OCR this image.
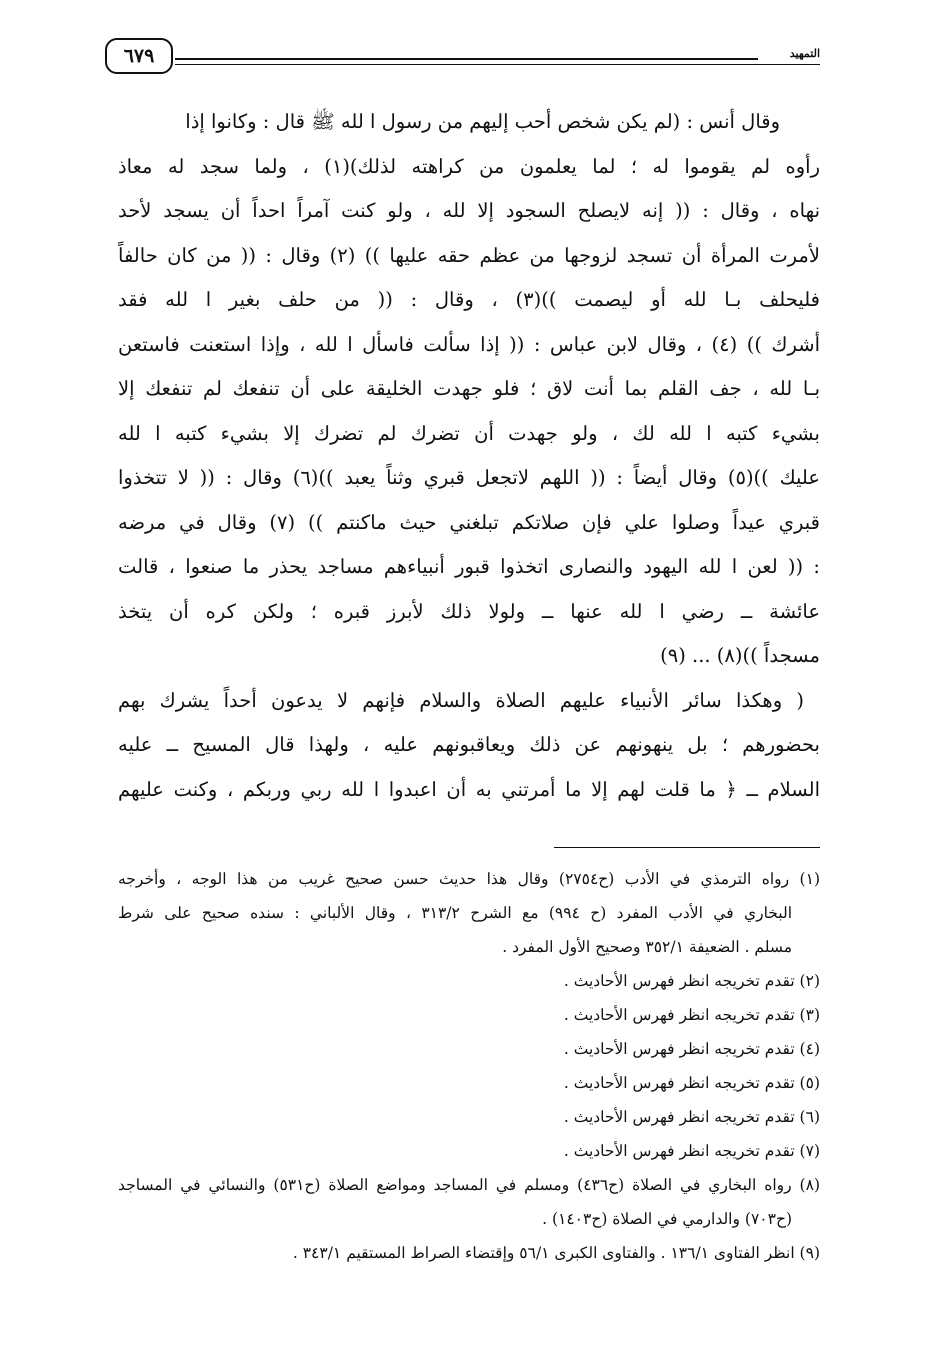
٦٧٩	التمهيد
وقال أنس : (لم يكن شخص أحب إليهم من رسول ا لله ﷺ قال : وكانوا إذا
رأوه لم يقوموا له ؛ لما يعلمون من كراهته لذلك)(١) ، ولما سجد له معاذ
نهاه ، وقال : (( إنه لايصلح السجود إلا لله ، ولو كنت آمراً احداً أن يسجد لأحد
لأمرت المرأة أن تسجد لزوجها من عظم حقه عليها )) (٢) وقال : (( من كان حالفاً
فليحلف بـا لله أو ليصمت ))(٣) ، وقال : (( من حلف بغير ا لله فقد
أشرك )) (٤) ، وقال لابن عباس : (( إذا سألت فاسأل ا لله ، وإذا استعنت فاستعن
بـا لله ، جف القلم بما أنت لاق ؛ فلو جهدت الخليقة على أن تنفعك لم تنفعك إلا
بشيء كتبه ا لله لك ، ولو جهدت أن تضرك لم تضرك إلا بشيء كتبه ا لله
عليك ))(٥) وقال أيضاً : (( اللهم لاتجعل قبري وثناً يعبد ))(٦) وقال : (( لا تتخذوا
قبري عيداً وصلوا علي فإن صلاتكم تبلغني حيث ماكنتم )) (٧) وقال في مرضه
: (( لعن ا لله اليهود والنصارى اتخذوا قبور أنبياءهم مساجد يحذر ما صنعوا ، قالت
عائشة ــ رضي ا لله عنها ــ ولولا ذلك لأبرز قبره ؛ ولكن كره أن يتخذ
مسجداً ))(٨) ... (٩)
( وهكذا سائر الأنبياء عليهم الصلاة والسلام فإنهم لا يدعون أحداً يشرك بهم
بحضورهم ؛ بل ينهونهم عن ذلك ويعاقبونهم عليه ، ولهذا قال المسيح ــ عليه
السلام ــ ﴿ ما قلت لهم إلا ما أمرتني به أن اعبدوا ا لله ربي وربكم ، وكنت عليهم
(١) رواه الترمذي في الأدب (ح٢٧٥٤) وقال هذا حديث حسن صحيح غريب من هذا الوجه ، وأخرجه
البخاري في الأدب المفرد (ح ٩٩٤) مع الشرح ٣١٣/٢ ، وقال الألباني : سنده صحيح على شرط
مسلم . الضعيفة ٣٥٢/١ وصحيح الأول المفرد .
(٢) تقدم تخريجه انظر فهرس الأحاديث .
(٣) تقدم تخريجه انظر فهرس الأحاديث .
(٤) تقدم تخريجه انظر فهرس الأحاديث .
(٥) تقدم تخريجه انظر فهرس الأحاديث .
(٦) تقدم تخريجه انظر فهرس الأحاديث .
(٧) تقدم تخريجه انظر فهرس الأحاديث .
(٨) رواه البخاري في الصلاة (ح٤٣٦) ومسلم في المساجد ومواضع الصلاة (ح٥٣١) والنسائي في المساجد
(ح٧٠٣) والدارمي في الصلاة (ح١٤٠٣) .
(٩) انظر الفتاوى ١٣٦/١ . والفتاوى الكبرى ٥٦/١ وإقتضاء الصراط المستقيم ٣٤٣/١ .
